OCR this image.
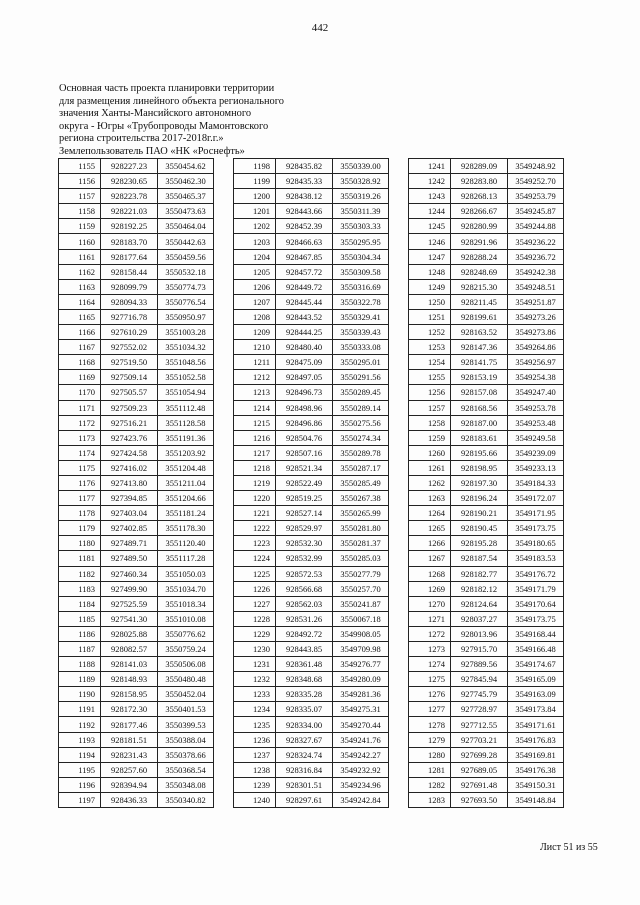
442
Основная часть проекта планировки территории
для размещения линейного объекта регионального
значения Ханты-Мансийского автономного
округа - Югры «Трубопроводы Мамонтовского
региона строительства 2017-2018г.г.»
Землепользователь ПАО «НК «Роснефть»
1155	928227.23	3550454.62
1156	928230.65	3550462.30
1157	928223.78	3550465.37
1158	928221.03	3550473.63
1159	928192.25	3550464.04
1160	928183.70	3550442.63
1161	928177.64	3550459.56
1162	928158.44	3550532.18
1163	928099.79	3550774.73
1164	928094.33	3550776.54
1165	927716.78	3550950.97
1166	927610.29	3551003.28
1167	927552.02	3551034.32
1168	927519.50	3551048.56
1169	927509.14	3551052.58
1170	927505.57	3551054.94
1171	927509.23	3551112.48
1172	927516.21	3551128.58
1173	927423.76	3551191.36
1174	927424.58	3551203.92
1175	927416.02	3551204.48
1176	927413.80	3551211.04
1177	927394.85	3551204.66
1178	927403.04	3551181.24
1179	927402.85	3551178.30
1180	927489.71	3551120.40
1181	927489.50	3551117.28
1182	927460.34	3551050.03
1183	927499.90	3551034.70
1184	927525.59	3551018.34
1185	927541.30	3551010.08
1186	928025.88	3550776.62
1187	928082.57	3550759.24
1188	928141.03	3550506.08
1189	928148.93	3550480.48
1190	928158.95	3550452.04
1191	928172.30	3550401.53
1192	928177.46	3550399.53
1193	928181.51	3550388.04
1194	928231.43	3550378.66
1195	928257.60	3550368.54
1196	928394.94	3550348.08
1197	928436.33	3550340.82
1198	928435.82	3550339.00
1199	928435.33	3550328.92
1200	928438.12	3550319.26
1201	928443.66	3550311.39
1202	928452.39	3550303.33
1203	928466.63	3550295.95
1204	928467.85	3550304.34
1205	928457.72	3550309.58
1206	928449.72	3550316.69
1207	928445.44	3550322.78
1208	928443.52	3550329.41
1209	928444.25	3550339.43
1210	928480.40	3550333.08
1211	928475.09	3550295.01
1212	928497.05	3550291.56
1213	928496.73	3550289.45
1214	928498.96	3550289.14
1215	928496.86	3550275.56
1216	928504.76	3550274.34
1217	928507.16	3550289.78
1218	928521.34	3550287.17
1219	928522.49	3550285.49
1220	928519.25	3550267.38
1221	928527.14	3550265.99
1222	928529.97	3550281.80
1223	928532.30	3550281.37
1224	928532.99	3550285.03
1225	928572.53	3550277.79
1226	928566.68	3550257.70
1227	928562.03	3550241.87
1228	928531.26	3550067.18
1229	928492.72	3549908.05
1230	928443.85	3549709.98
1231	928361.48	3549276.77
1232	928348.68	3549280.09
1233	928335.28	3549281.36
1234	928335.07	3549275.31
1235	928334.00	3549270.44
1236	928327.67	3549241.76
1237	928324.74	3549242.27
1238	928316.84	3549232.92
1239	928301.51	3549234.96
1240	928297.61	3549242.84
1241	928289.09	3549248.92
1242	928283.80	3549252.70
1243	928268.13	3549253.79
1244	928266.67	3549245.87
1245	928280.99	3549244.88
1246	928291.96	3549236.22
1247	928288.24	3549236.72
1248	928248.69	3549242.38
1249	928215.30	3549248.51
1250	928211.45	3549251.87
1251	928199.61	3549273.26
1252	928163.52	3549273.86
1253	928147.36	3549264.86
1254	928141.75	3549256.97
1255	928153.19	3549254.38
1256	928157.08	3549247.40
1257	928168.56	3549253.78
1258	928187.00	3549253.48
1259	928183.61	3549249.58
1260	928195.66	3549239.09
1261	928198.95	3549233.13
1262	928197.30	3549184.33
1263	928196.24	3549172.07
1264	928190.21	3549171.95
1265	928190.45	3549173.75
1266	928195.28	3549180.65
1267	928187.54	3549183.53
1268	928182.77	3549176.72
1269	928182.12	3549171.79
1270	928124.64	3549170.64
1271	928037.27	3549173.75
1272	928013.96	3549168.44
1273	927915.70	3549166.48
1274	927889.56	3549174.67
1275	927845.94	3549165.09
1276	927745.79	3549163.09
1277	927728.97	3549173.84
1278	927712.55	3549171.61
1279	927703.21	3549176.83
1280	927699.28	3549169.81
1281	927689.05	3549176.38
1282	927691.48	3549150.31
1283	927693.50	3549148.84
Лист 51 из 55
